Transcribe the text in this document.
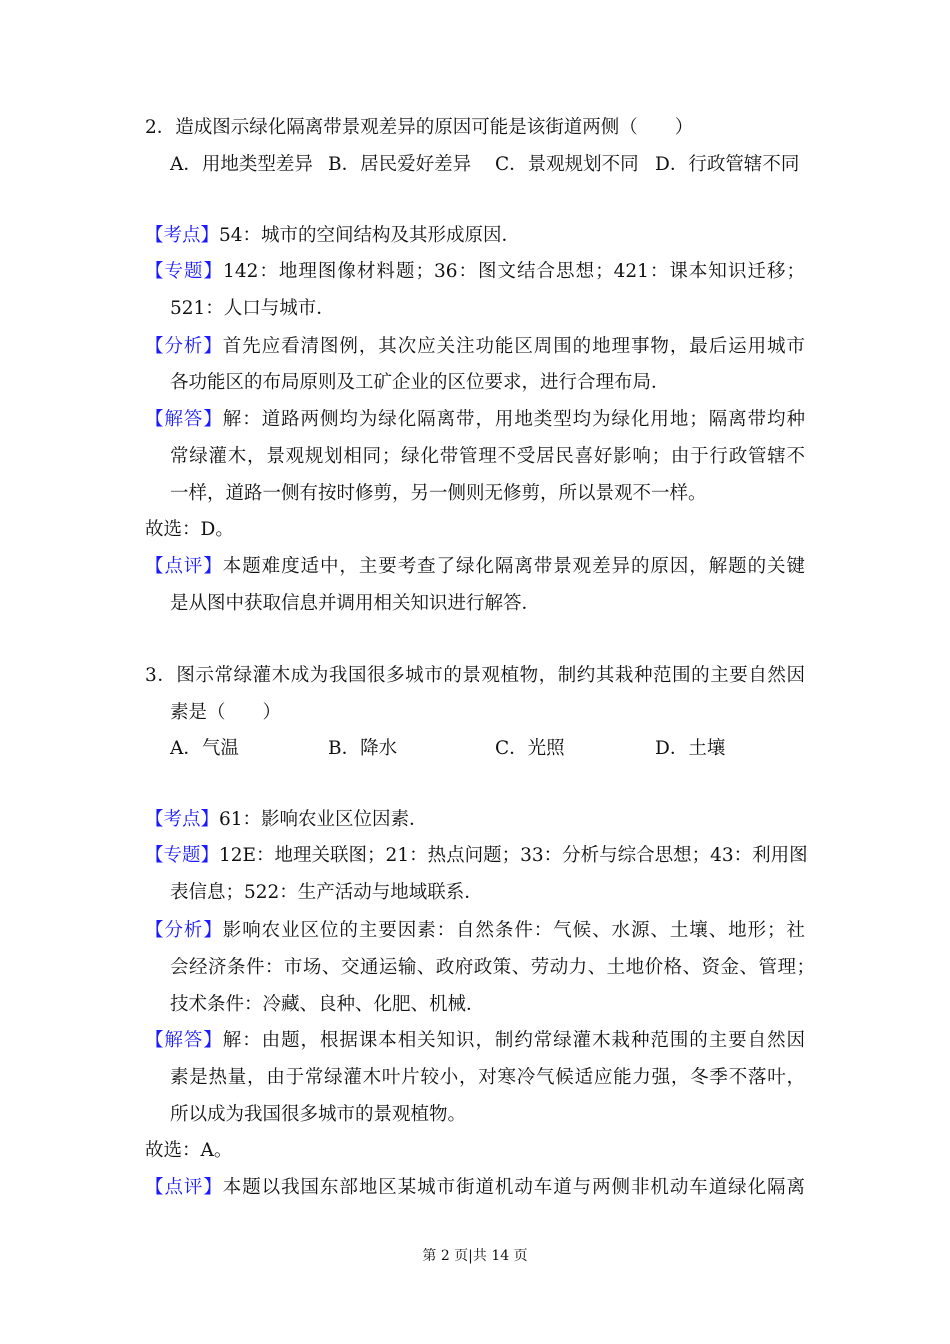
2．造成图示绿化隔离带景观差异的原因可能是该街道两侧（　　）
A．用地类型差异 B．居民爱好差异 C．景观规划不同 D．行政管辖不同
【考点】54：城市的空间结构及其形成原因．
【专题】142：地理图像材料题；36：图文结合思想；421：课本知识迁移；
521：人口与城市．
【分析】首先应看清图例，其次应关注功能区周围的地理事物，最后运用城市
各功能区的布局原则及工矿企业的区位要求，进行合理布局．
【解答】解：道路两侧均为绿化隔离带，用地类型均为绿化用地；隔离带均种
常绿灌木，景观规划相同；绿化带管理不受居民喜好影响；由于行政管辖不
一样，道路一侧有按时修剪，另一侧则无修剪，所以景观不一样。
故选：D。
【点评】本题难度适中，主要考查了绿化隔离带景观差异的原因，解题的关键
是从图中获取信息并调用相关知识进行解答．
3．图示常绿灌木成为我国很多城市的景观植物，制约其栽种范围的主要自然因
素是（　　）
A．气温	B．降水	C．光照	D．土壤
【考点】61：影响农业区位因素．
【专题】12E：地理关联图；21：热点问题；33：分析与综合思想；43：利用图
表信息；522：生产活动与地域联系．
【分析】影响农业区位的主要因素：自然条件：气候、水源、土壤、地形；社
会经济条件：市场、交通运输、政府政策、劳动力、土地价格、资金、管理；
技术条件：冷藏、良种、化肥、机械．
【解答】解：由题，根据课本相关知识，制约常绿灌木栽种范围的主要自然因
素是热量，由于常绿灌木叶片较小，对寒冷气候适应能力强，冬季不落叶，
所以成为我国很多城市的景观植物。
故选：A。
【点评】本题以我国东部地区某城市街道机动车道与两侧非机动车道绿化隔离
第 2 页|共 14 页
